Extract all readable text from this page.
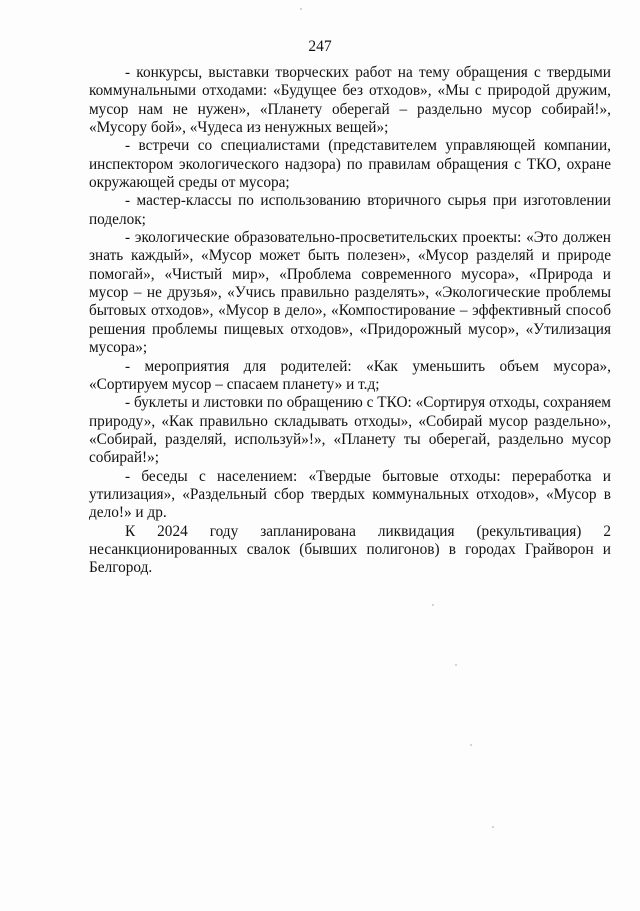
247

- конкурсы, выставки творческих работ на тему обращения с твердыми коммунальными отходами: «Будущее без отходов», «Мы с природой дружим, мусор нам не нужен», «Планету оберегай – раздельно мусор собирай!», «Мусору бой», «Чудеса из ненужных вещей»;

- встречи со специалистами (представителем управляющей компании, инспектором экологического надзора) по правилам обращения с ТКО, охране окружающей среды от мусора;

- мастер-классы по использованию вторичного сырья при изготовлении поделок;

- экологические образовательно-просветительских проекты: «Это должен знать каждый», «Мусор может быть полезен», «Мусор разделяй и природе помогай», «Чистый мир», «Проблема современного мусора», «Природа и мусор – не друзья», «Учись правильно разделять», «Экологические проблемы бытовых отходов», «Мусор в дело», «Компостирование – эффективный способ решения проблемы пищевых отходов», «Придорожный мусор», «Утилизация мусора»;

- мероприятия для родителей: «Как уменьшить объем мусора», «Сортируем мусор – спасаем планету» и т.д;

- буклеты и листовки по обращению с ТКО: «Сортируя отходы, сохраняем природу», «Как правильно складывать отходы», «Собирай мусор раздельно», «Собирай, разделяй, используй»!», «Планету ты оберегай, раздельно мусор собирай!»;

- беседы с населением: «Твердые бытовые отходы: переработка и утилизация», «Раздельный сбор твердых коммунальных отходов», «Мусор в дело!» и др.

К 2024 году запланирована ликвидация (рекультивация) 2 несанкционированных свалок (бывших полигонов) в городах Грайворон и Белгород.
